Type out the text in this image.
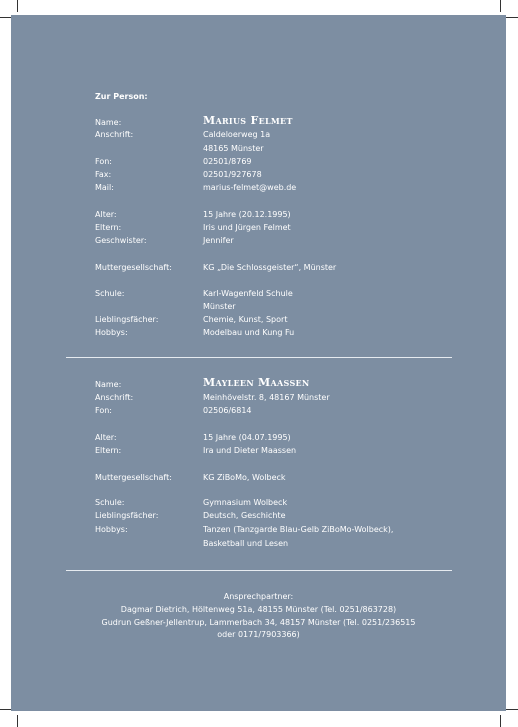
Zur Person:
Name:	Marius Felmet
Anschrift:	Caldeloerweg 1a
48165 Münster
Fon:	02501/8769
Fax:	02501/927678
Mail:	marius-felmet@web.de
Alter:	15 Jahre (20.12.1995)
Eltern:	Iris und Jürgen Felmet
Geschwister:	Jennifer
Muttergesellschaft:	KG „Die Schlossgeister“, Münster
Schule:	Karl-Wagenfeld Schule
Münster
Lieblingsfächer:	Chemie, Kunst, Sport
Hobbys:	Modelbau und Kung Fu
Name:	Mayleen Maassen
Anschrift:	Meinhövelstr. 8, 48167 Münster
Fon:	02506/6814
Alter:	15 Jahre (04.07.1995)
Eltern:	Ira und Dieter Maassen
Muttergesellschaft:	KG ZiBoMo, Wolbeck
Schule:	Gymnasium Wolbeck
Lieblingsfächer:	Deutsch, Geschichte
Hobbys:	Tanzen (Tanzgarde Blau-Gelb ZiBoMo-Wolbeck),
Basketball und Lesen
Ansprechpartner:
Dagmar Dietrich, Höltenweg 51a, 48155 Münster (Tel. 0251/863728)
Gudrun Geßner-Jellentrup, Lammerbach 34, 48157 Münster (Tel. 0251/236515
oder 0171/7903366)
